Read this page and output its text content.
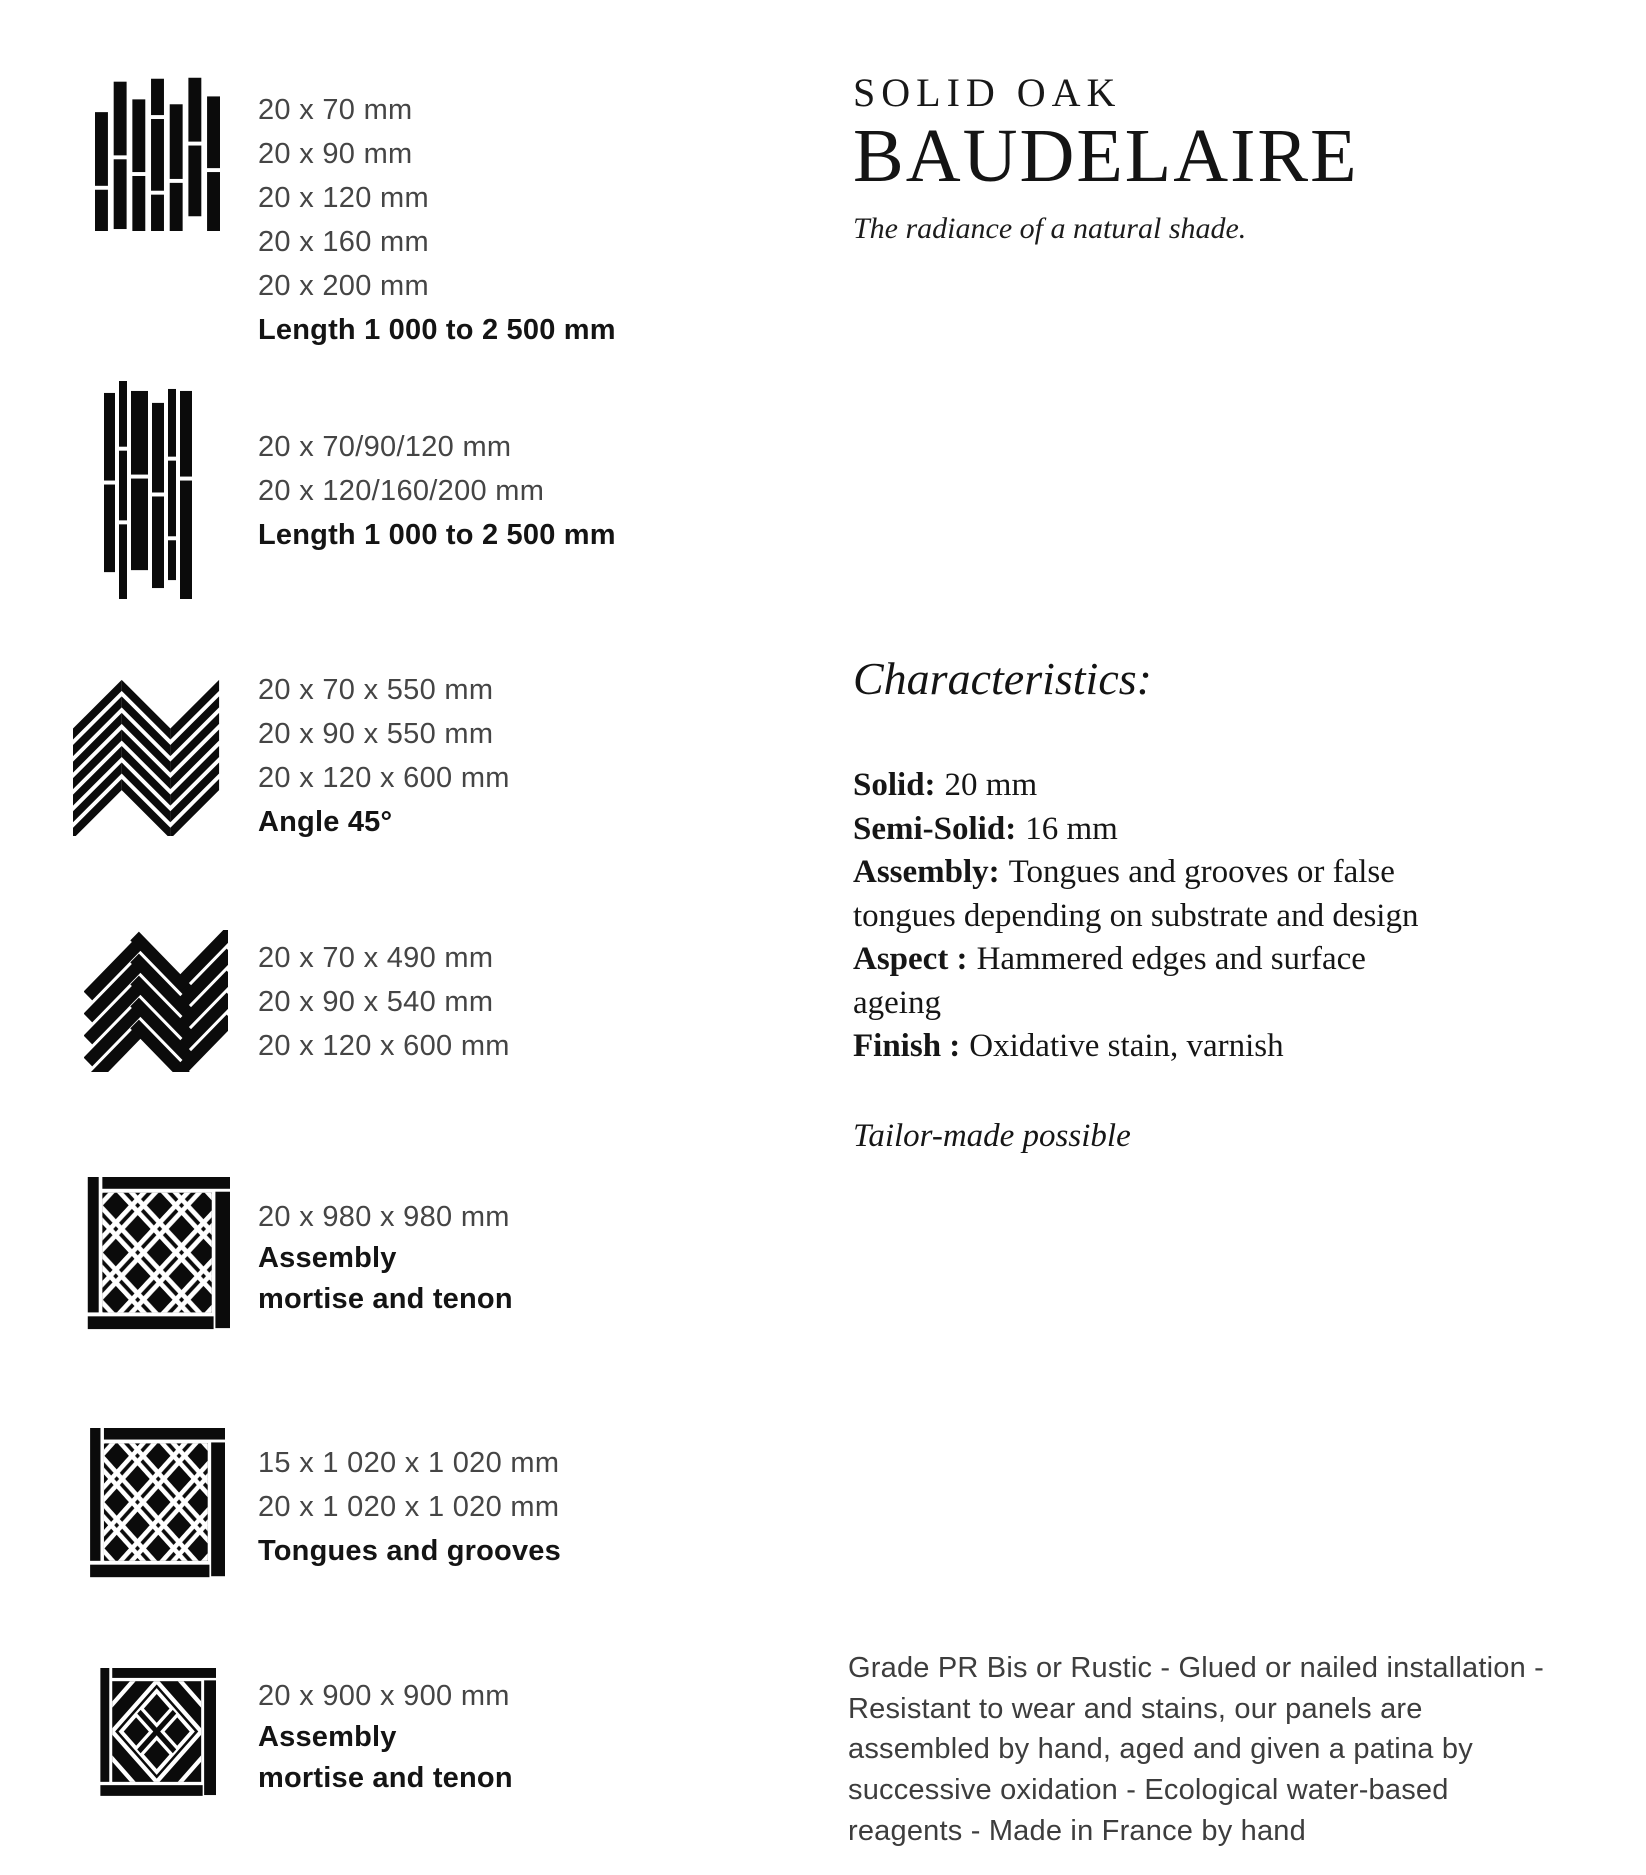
20 x 70 mm
20 x 90 mm
20 x 120 mm
20 x 160 mm
20 x 200 mm
Length 1 000 to 2 500 mm
20 x 70/90/120 mm
20 x 120/160/200 mm
Length 1 000 to 2 500 mm
20 x 70 x 550 mm
20 x 90 x 550 mm
20 x 120 x 600 mm
Angle 45°
20 x 70 x 490 mm
20 x 90 x 540 mm
20 x 120 x 600 mm
20 x 980 x 980 mm
Assembly
mortise and tenon
15 x 1 020 x 1 020 mm
20 x 1 020 x 1 020 mm
Tongues and grooves
20 x 900 x 900 mm
Assembly
mortise and tenon
SOLID OAK
BAUDELAIRE
The radiance of a natural shade.
Characteristics:
Solid: 20 mm
Semi-Solid: 16 mm
Assembly: Tongues and grooves or false tongues depending on substrate and design
Aspect : Hammered edges and surface ageing
Finish : Oxidative stain, varnish
Tailor-made possible

Grade PR Bis or Rustic - Glued or nailed installation - Resistant to wear and stains, our panels are assembled by hand, aged and given a patina by successive oxidation - Ecological water-based reagents - Made in France by hand
